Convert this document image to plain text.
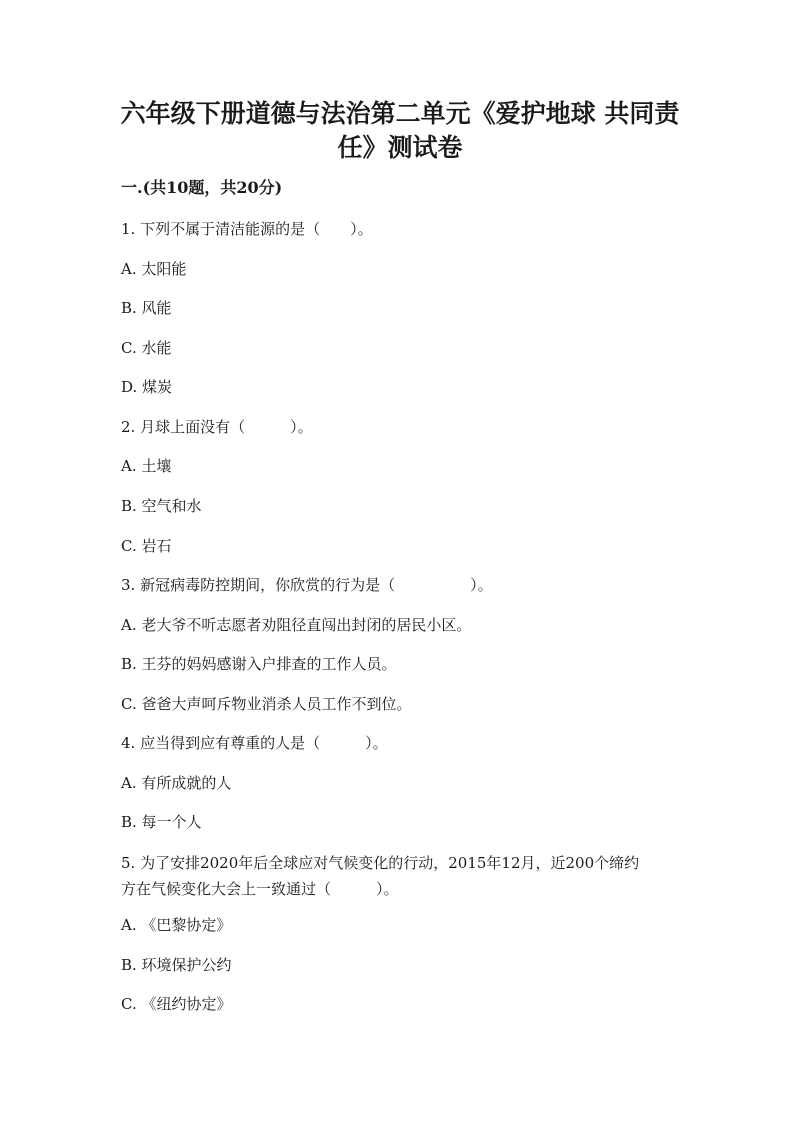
六年级下册道德与法治第二单元《爱护地球 共同责
任》测试卷
一.(共10题，共20分)
1. 下列不属于清洁能源的是（　　）。
A. 太阳能
B. 风能
C. 水能
D. 煤炭
2. 月球上面没有（　　　）。
A. 土壤
B. 空气和水
C. 岩石
3. 新冠病毒防控期间，你欣赏的行为是（　　　　　）。
A. 老大爷不听志愿者劝阻径直闯出封闭的居民小区。
B. 王芬的妈妈感谢入户排查的工作人员。
C. 爸爸大声呵斥物业消杀人员工作不到位。
4. 应当得到应有尊重的人是（　　　）。
A. 有所成就的人
B. 每一个人
5. 为了安排2020年后全球应对气候变化的行动，2015年12月，近200个缔约
方在气候变化大会上一致通过（　　　）。
A. 《巴黎协定》
B. 环境保护公约
C. 《纽约协定》
